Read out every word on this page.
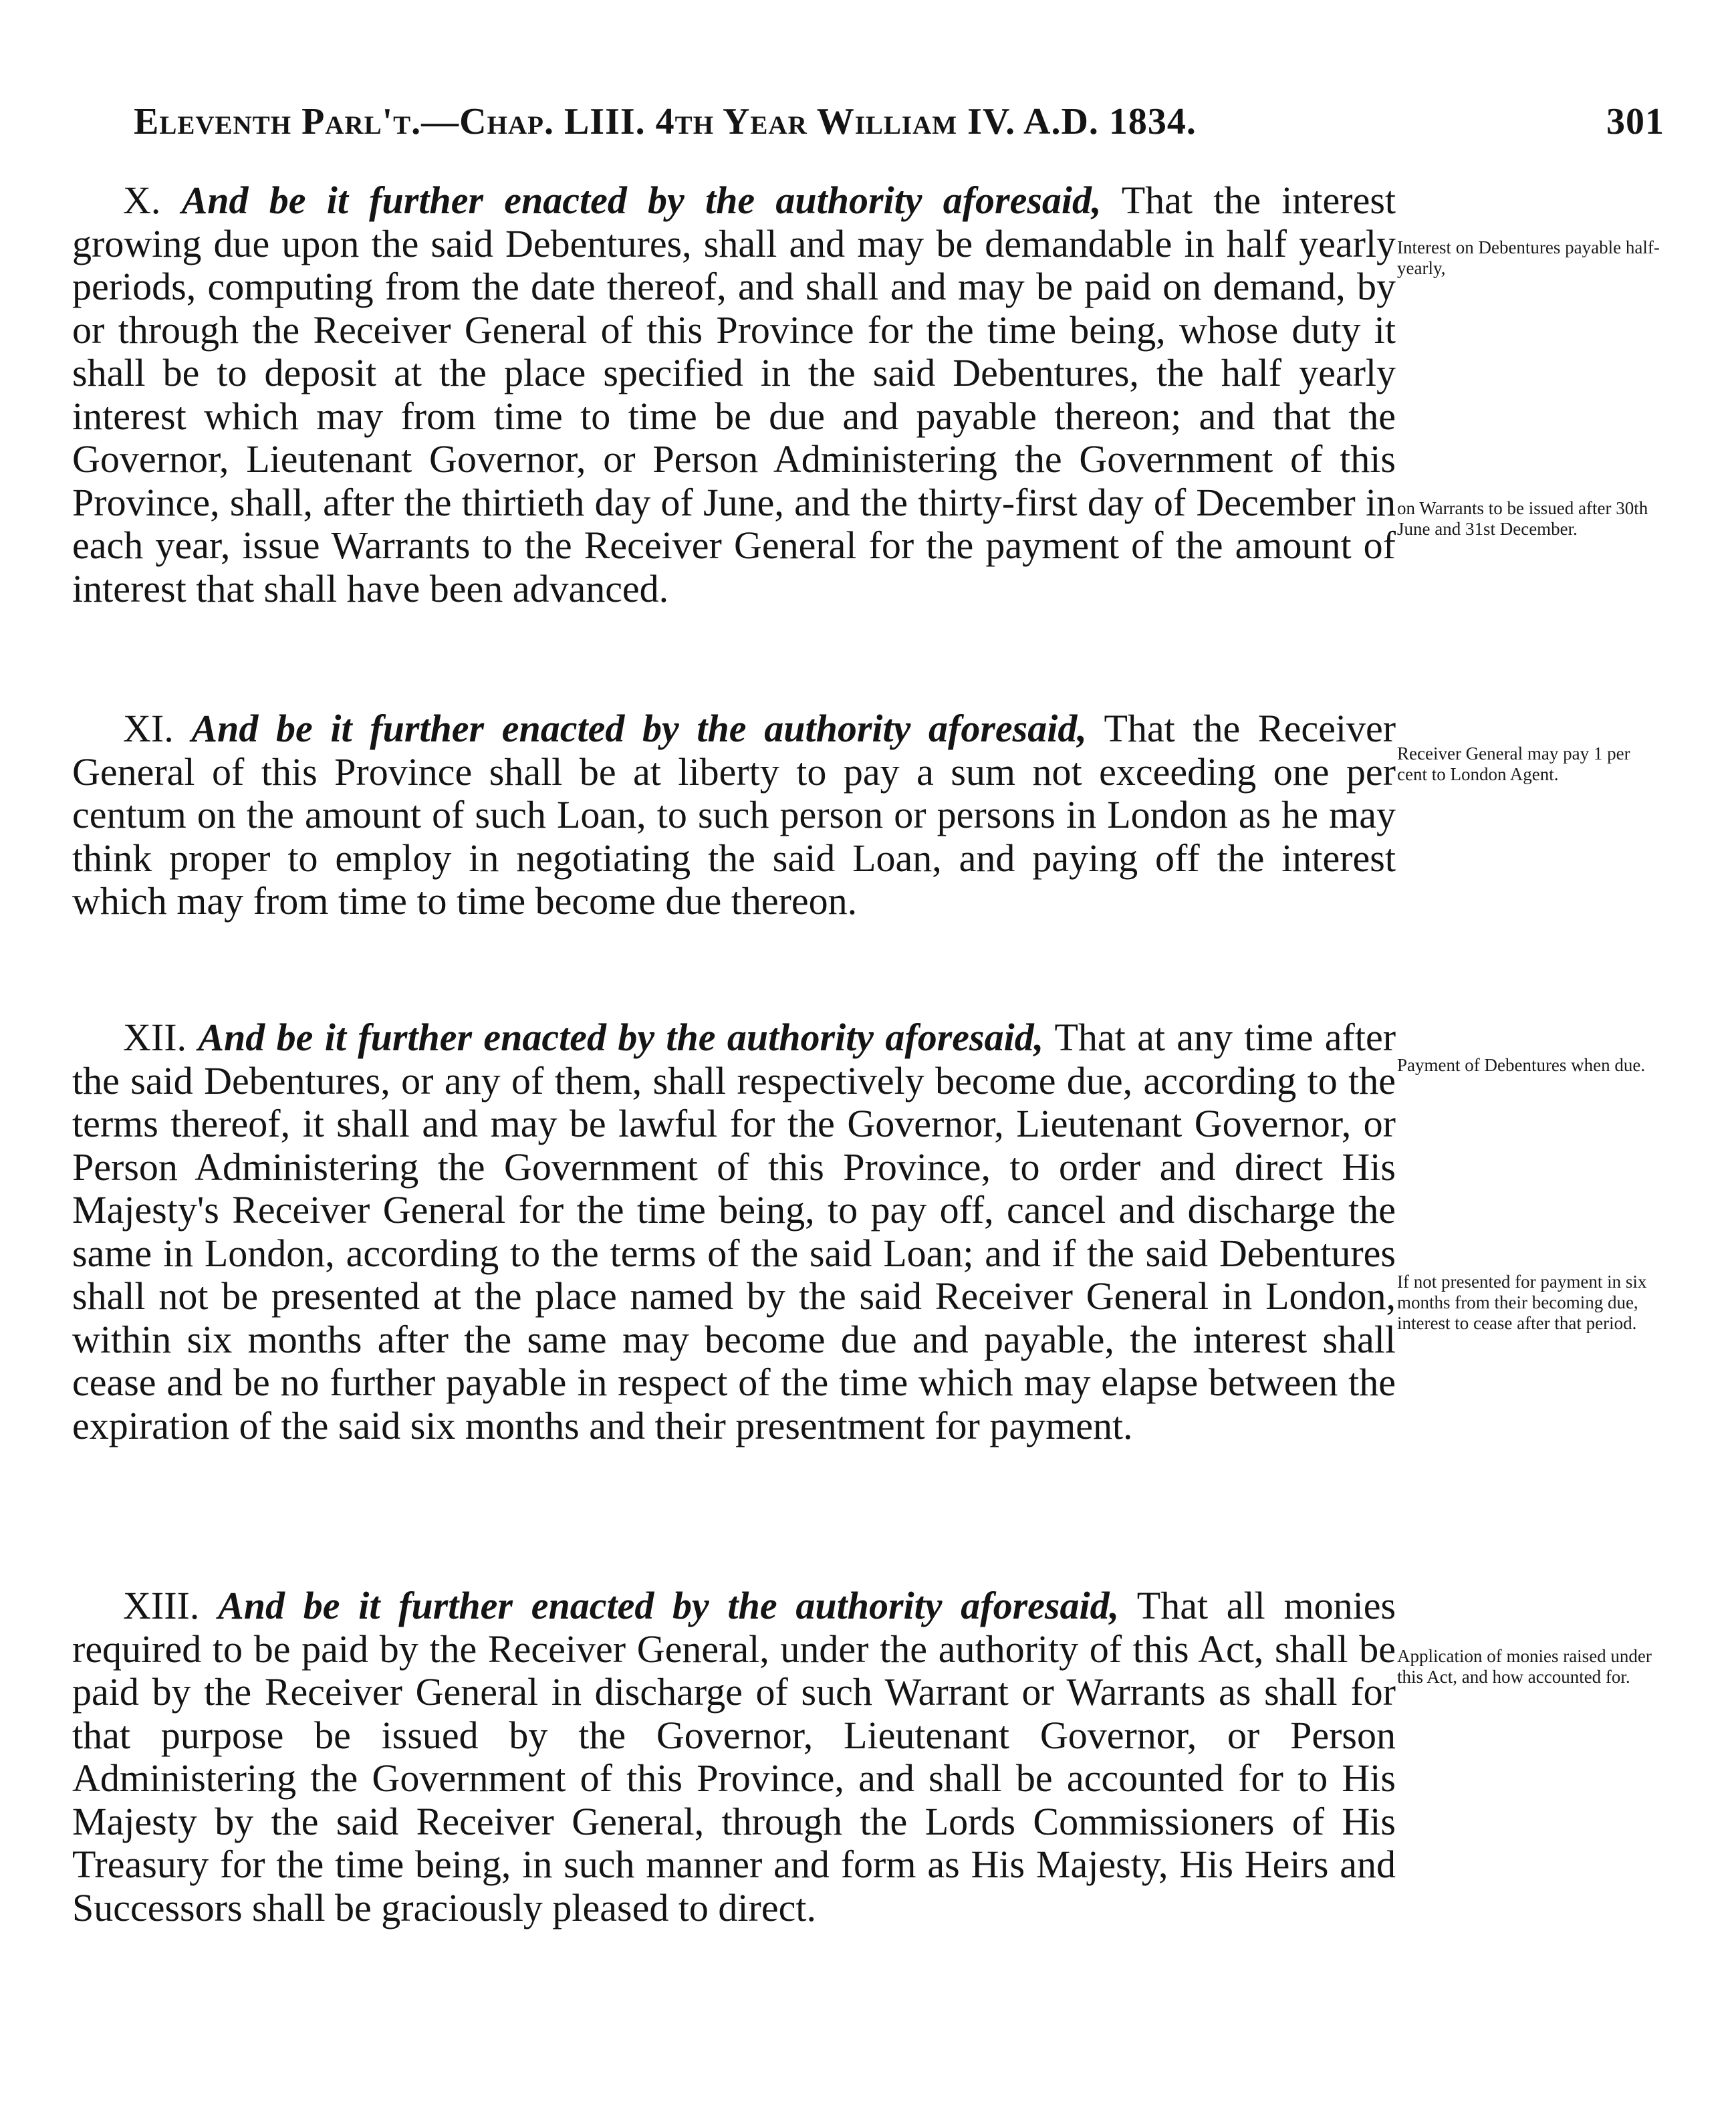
Eleventh Parl't.—Chap. LIII. 4th Year William IV. A.D. 1834.	301

X. And be it further enacted by the authority aforesaid, That the interest growing due upon the said Debentures, shall and may be demandable in half yearly periods, computing from the date thereof, and shall and may be paid on demand, by or through the Receiver General of this Province for the time being, whose duty it shall be to deposit at the place specified in the said Debentures, the half yearly interest which may from time to time be due and payable thereon; and that the Governor, Lieutenant Governor, or Person Administering the Government of this Province, shall, after the thirtieth day of June, and the thirty-first day of December in each year, issue Warrants to the Receiver General for the payment of the amount of interest that shall have been advanced.

Interest on Debentures payable half-yearly,
on Warrants to be issued after 30th June and 31st December.

XI. And be it further enacted by the authority aforesaid, That the Receiver General of this Province shall be at liberty to pay a sum not exceeding one per centum on the amount of such Loan, to such person or persons in London as he may think proper to employ in negotiating the said Loan, and paying off the interest which may from time to time become due thereon.

Receiver General may pay 1 per cent to London Agent.

XII. And be it further enacted by the authority aforesaid, That at any time after the said Debentures, or any of them, shall respectively become due, according to the terms thereof, it shall and may be lawful for the Governor, Lieutenant Governor, or Person Administering the Government of this Province, to order and direct His Majesty's Receiver General for the time being, to pay off, cancel and discharge the same in London, according to the terms of the said Loan; and if the said Debentures shall not be presented at the place named by the said Receiver General in London, within six months after the same may become due and payable, the interest shall cease and be no further payable in respect of the time which may elapse between the expiration of the said six months and their presentment for payment.

Payment of Debentures when due.
If not presented for payment in six months from their becoming due, interest to cease after that period.

XIII. And be it further enacted by the authority aforesaid, That all monies required to be paid by the Receiver General, under the authority of this Act, shall be paid by the Receiver General in discharge of such Warrant or Warrants as shall for that purpose be issued by the Governor, Lieutenant Governor, or Person Administering the Government of this Province, and shall be accounted for to His Majesty by the said Receiver General, through the Lords Commissioners of His Treasury for the time being, in such manner and form as His Majesty, His Heirs and Successors shall be graciously pleased to direct.

Application of monies raised under this Act, and how accounted for.
